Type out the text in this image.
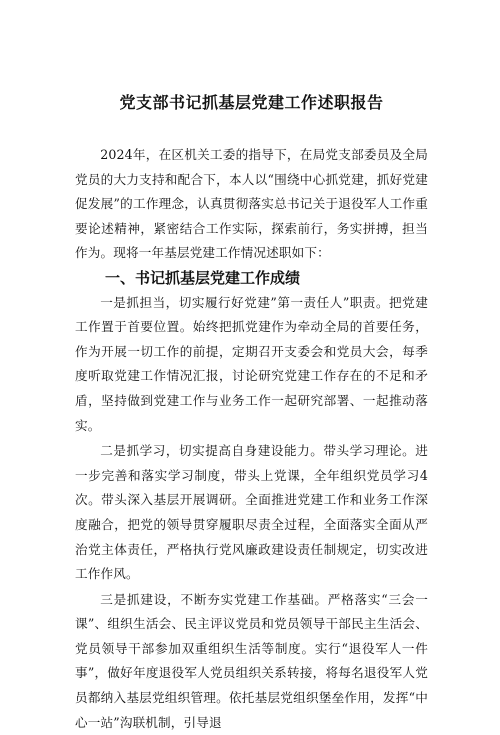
党支部书记抓基层党建工作述职报告

2024年，在区机关工委的指导下，在局党支部委员及全局党员的大力支持和配合下，本人以“围绕中心抓党建，抓好党建促发展”的工作理念，认真贯彻落实总书记关于退役军人工作重要论述精神，紧密结合工作实际，探索前行，务实拼搏，担当作为。现将一年基层党建工作情况述职如下：

一、书记抓基层党建工作成绩

一是抓担当，切实履行好党建”第一责任人”职责。把党建工作置于首要位置。始终把抓党建作为牵动全局的首要任务，作为开展一切工作的前提，定期召开支委会和党员大会，每季度听取党建工作情况汇报，讨论研究党建工作存在的不足和矛盾，坚持做到党建工作与业务工作一起研究部署、一起推动落实。

二是抓学习，切实提高自身建设能力。带头学习理论。进一步完善和落实学习制度，带头上党课，全年组织党员学习4次。带头深入基层开展调研。全面推进党建工作和业务工作深度融合，把党的领导贯穿履职尽责全过程，全面落实全面从严治党主体责任，严格执行党风廉政建设责任制规定，切实改进工作作风。

三是抓建设，不断夯实党建工作基础。严格落实“三会一课”、组织生活会、民主评议党员和党员领导干部民主生活会、党员领导干部参加双重组织生活等制度。实行“退役军人一件事”，做好年度退役军人党员组织关系转接，将每名退役军人党员都纳入基层党组织管理。依托基层党组织堡垒作用，发挥“中心一站”沟联机制，引导退
